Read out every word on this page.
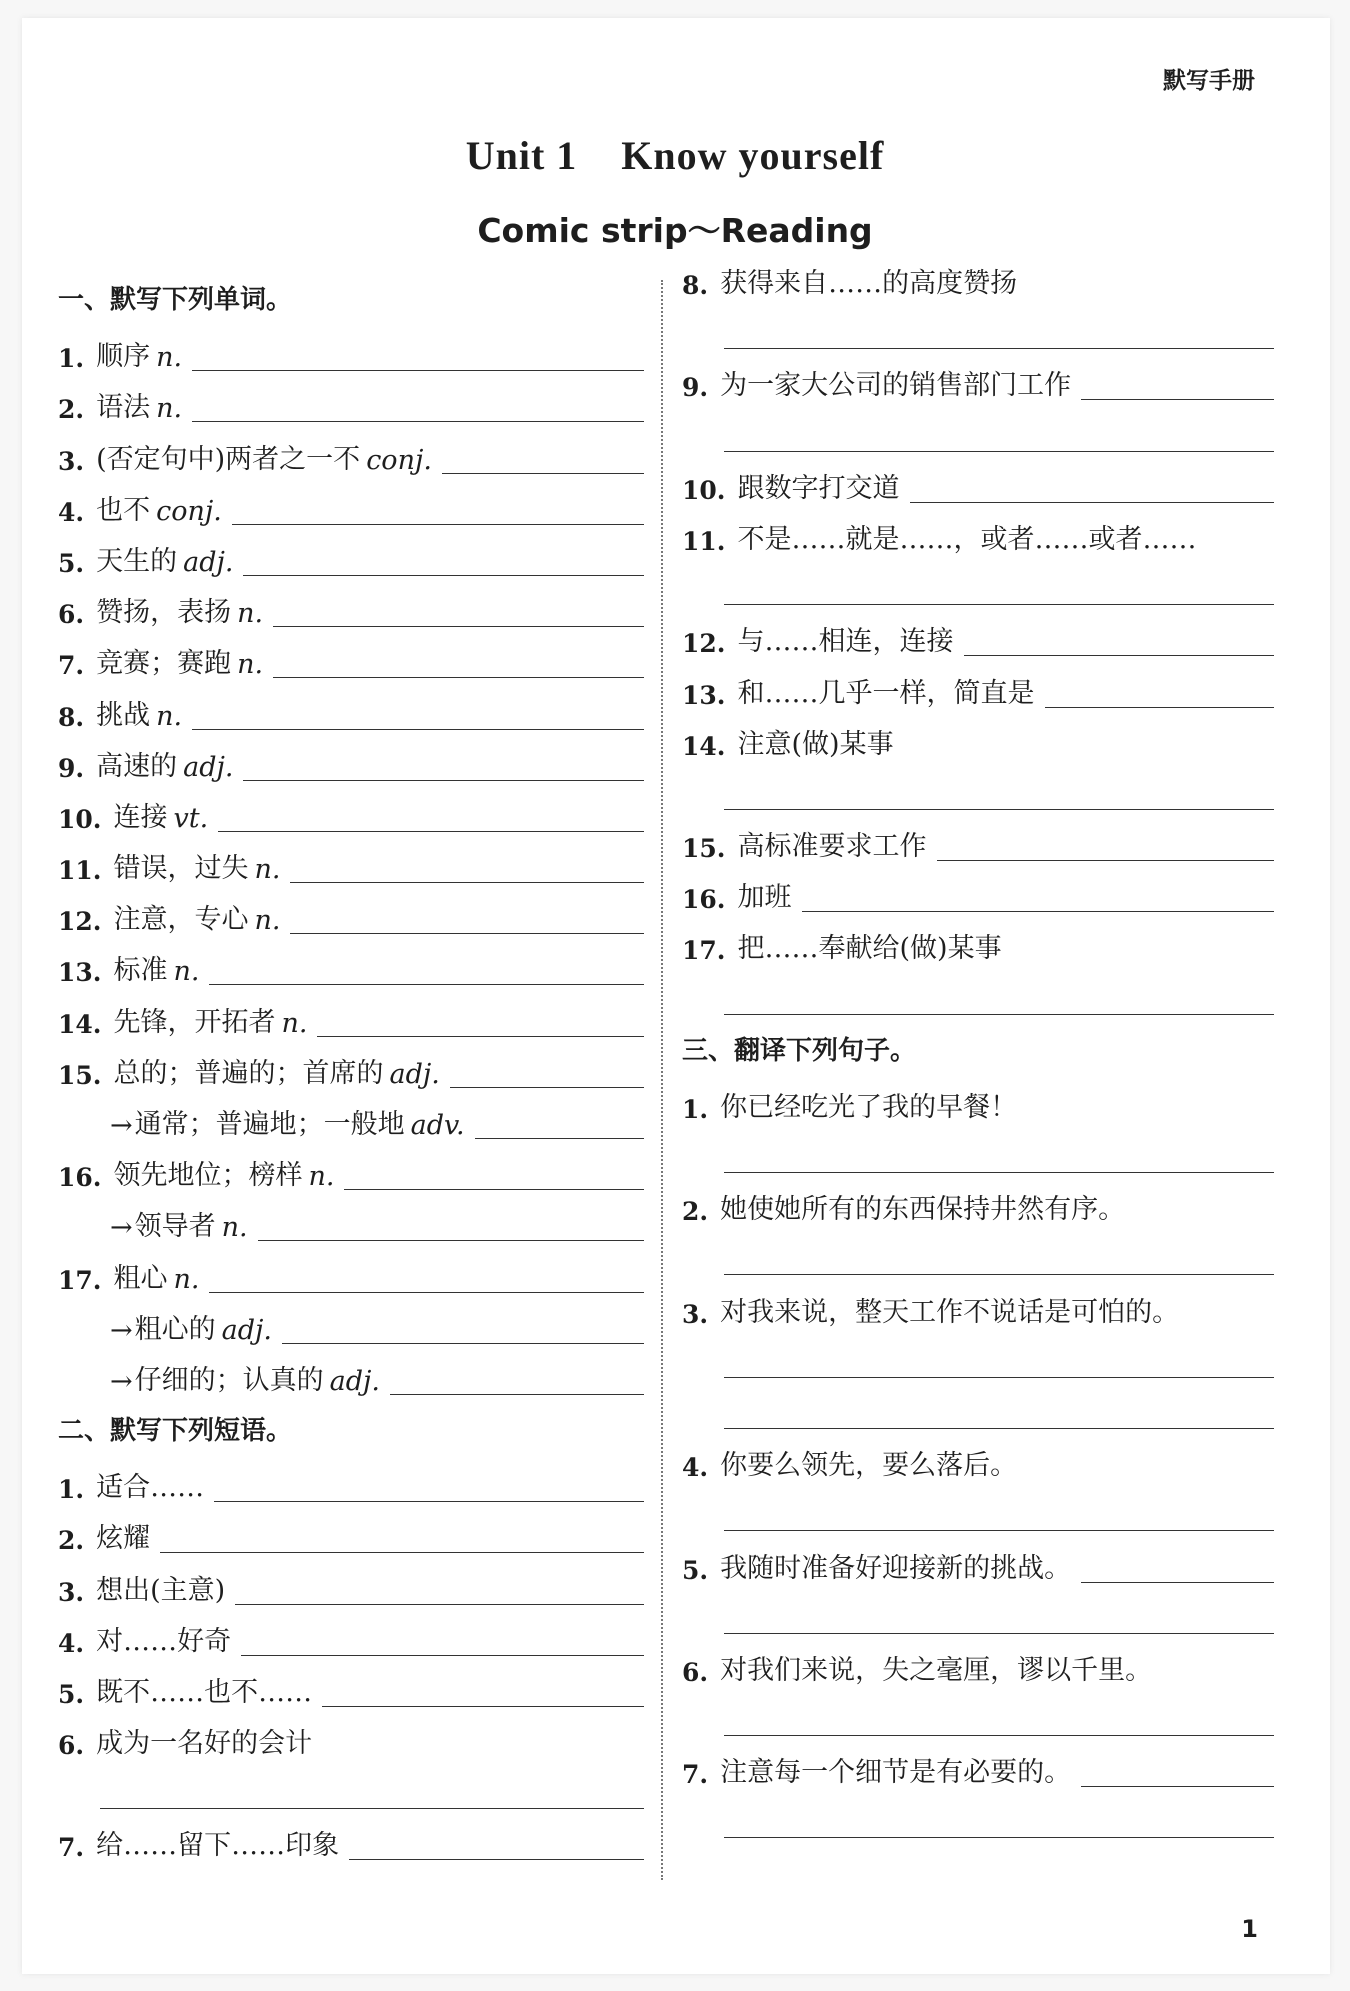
默写手册
Unit 1 Know yourself
Comic strip～Reading
一、默写下列单词。
1. 顺序 n.
2. 语法 n.
3. (否定句中)两者之一不 conj.
4. 也不 conj.
5. 天生的 adj.
6. 赞扬，表扬 n.
7. 竞赛；赛跑 n.
8. 挑战 n.
9. 高速的 adj.
10. 连接 vt.
11. 错误，过失 n.
12. 注意，专心 n.
13. 标准 n.
14. 先锋，开拓者 n.
15. 总的；普遍的；首席的 adj.
→ 通常；普遍地；一般地 adv.
16. 领先地位；榜样 n.
→ 领导者 n.
17. 粗心 n.
→ 粗心的 adj.
→ 仔细的；认真的 adj.
二、默写下列短语。
1. 适合……
2. 炫耀
3. 想出(主意)
4. 对……好奇
5. 既不……也不……
6. 成为一名好的会计
7. 给……留下……印象
8. 获得来自……的高度赞扬
9. 为一家大公司的销售部门工作
10. 跟数字打交道
11. 不是……就是……，或者……或者……
12. 与……相连，连接
13. 和……几乎一样，简直是
14. 注意(做)某事
15. 高标准要求工作
16. 加班
17. 把……奉献给(做)某事
三、翻译下列句子。
1. 你已经吃光了我的早餐！
2. 她使她所有的东西保持井然有序。
3. 对我来说，整天工作不说话是可怕的。
4. 你要么领先，要么落后。
5. 我随时准备好迎接新的挑战。
6. 对我们来说，失之毫厘，谬以千里。
7. 注意每一个细节是有必要的。
1
